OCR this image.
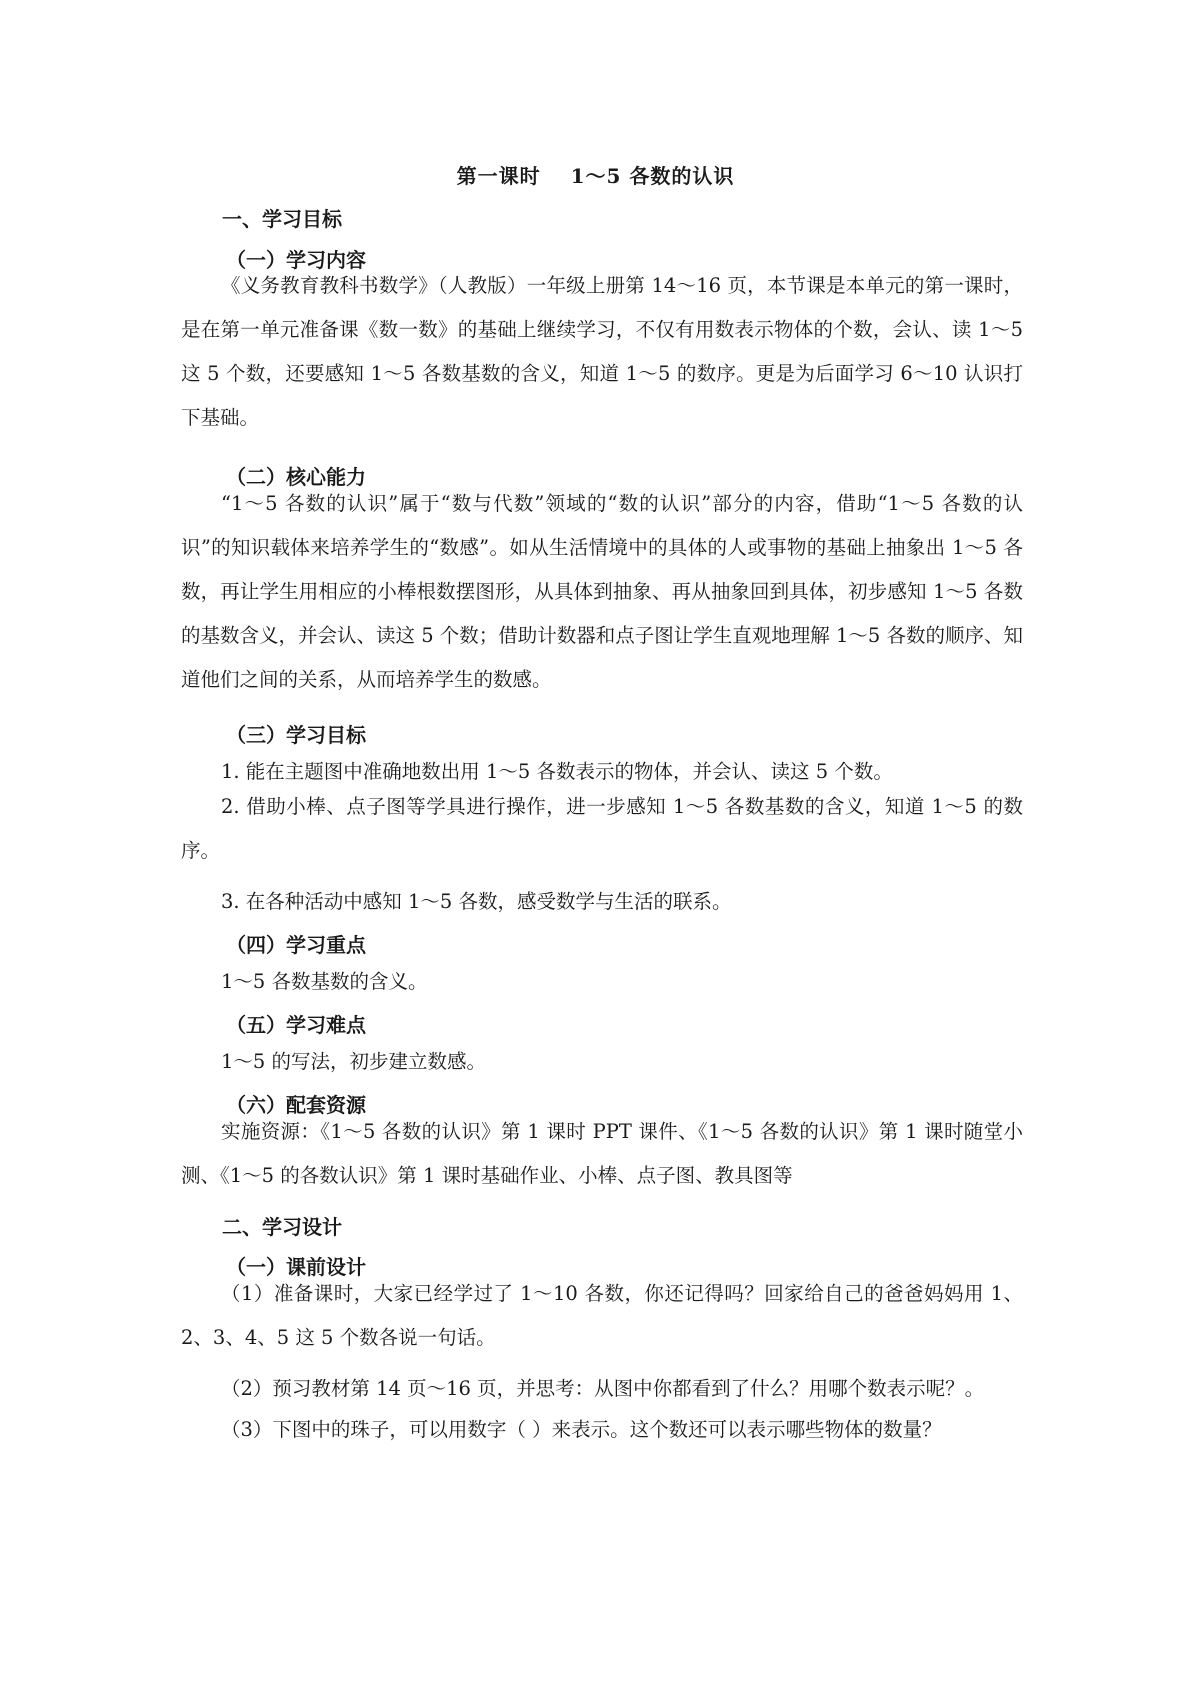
第一课时 1～5 各数的认识
一、学习目标
（一）学习内容
《义务教育教科书数学》（人教版）一年级上册第 14～16 页，本节课是本单元的第一课时，是在第一单元准备课《数一数》的基础上继续学习，不仅有用数表示物体的个数，会认、读 1～5 这 5 个数，还要感知 1～5 各数基数的含义，知道 1～5 的数序。更是为后面学习 6～10 认识打下基础。
（二）核心能力
“1～5 各数的认识”属于“数与代数”领域的“数的认识”部分的内容，借助“1～5 各数的认识”的知识载体来培养学生的“数感”。如从生活情境中的具体的人或事物的基础上抽象出 1～5 各数，再让学生用相应的小棒根数摆图形，从具体到抽象、再从抽象回到具体，初步感知 1～5 各数的基数含义，并会认、读这 5 个数；借助计数器和点子图让学生直观地理解 1～5 各数的顺序、知道他们之间的关系，从而培养学生的数感。
（三）学习目标
1. 能在主题图中准确地数出用 1～5 各数表示的物体，并会认、读这 5 个数。
2. 借助小棒、点子图等学具进行操作，进一步感知 1～5 各数基数的含义，知道 1～5 的数序。
3. 在各种活动中感知 1～5 各数，感受数学与生活的联系。
（四）学习重点
1～5 各数基数的含义。
（五）学习难点
1～5 的写法，初步建立数感。
（六）配套资源
实施资源：《1～5 各数的认识》第 1 课时 PPT 课件、《1～5 各数的认识》第 1 课时随堂小测、《1～5 的各数认识》第 1 课时基础作业、小棒、点子图、教具图等
二、学习设计
（一）课前设计
（1）准备课时，大家已经学过了 1～10 各数，你还记得吗？回家给自己的爸爸妈妈用 1、2、3、4、5 这 5 个数各说一句话。
（2）预习教材第 14 页～16 页，并思考：从图中你都看到了什么？用哪个数表示呢？。
（3）下图中的珠子，可以用数字（ ）来表示。这个数还可以表示哪些物体的数量？
